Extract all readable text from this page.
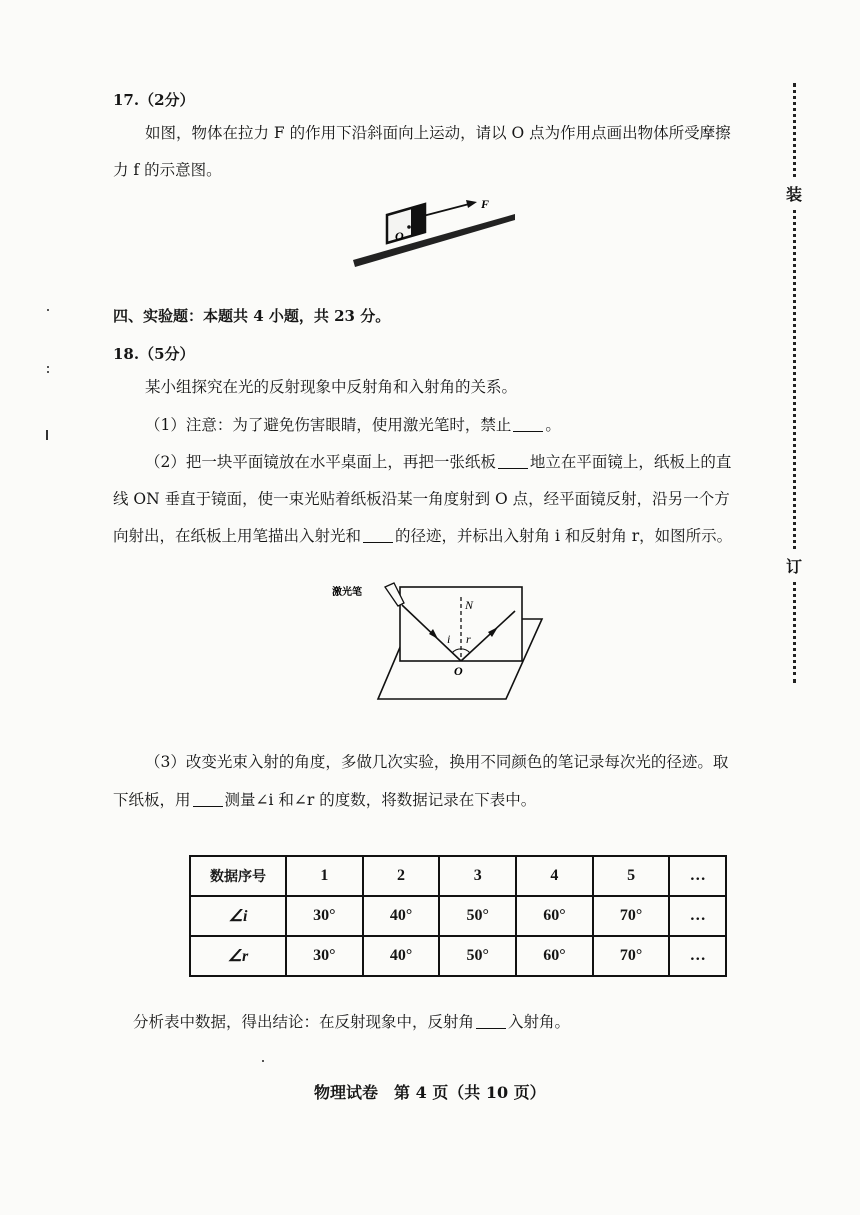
17.（2分）
如图，物体在拉力 F 的作用下沿斜面向上运动，请以 O 点为作用点画出物体所受摩擦
力 f 的示意图。
F
O
四、实验题：本题共 4 小题，共 23 分。
18.（5分）
某小组探究在光的反射现象中反射角和入射角的关系。
（1）注意：为了避免伤害眼睛，使用激光笔时，禁止 。
（2）把一块平面镜放在水平桌面上，再把一张纸板 地立在平面镜上，纸板上的直
线 ON 垂直于镜面，使一束光贴着纸板沿某一角度射到 O 点，经平面镜反射，沿另一个方
向射出，在纸板上用笔描出入射光和 的径迹，并标出入射角 i 和反射角 r，如图所示。
激光笔
N
i r
O
（3）改变光束入射的角度，多做几次实验，换用不同颜色的笔记录每次光的径迹。取
下纸板，用 测量∠i 和∠r 的度数，将数据记录在下表中。
数据序号	1	2	3	4	5	…
∠i	30°	40°	50°	60°	70°	…
∠r	30°	40°	50°	60°	70°	…
分析表中数据，得出结论：在反射现象中，反射角 入射角。
物理试卷　第 4 页（共 10 页）
装
订
